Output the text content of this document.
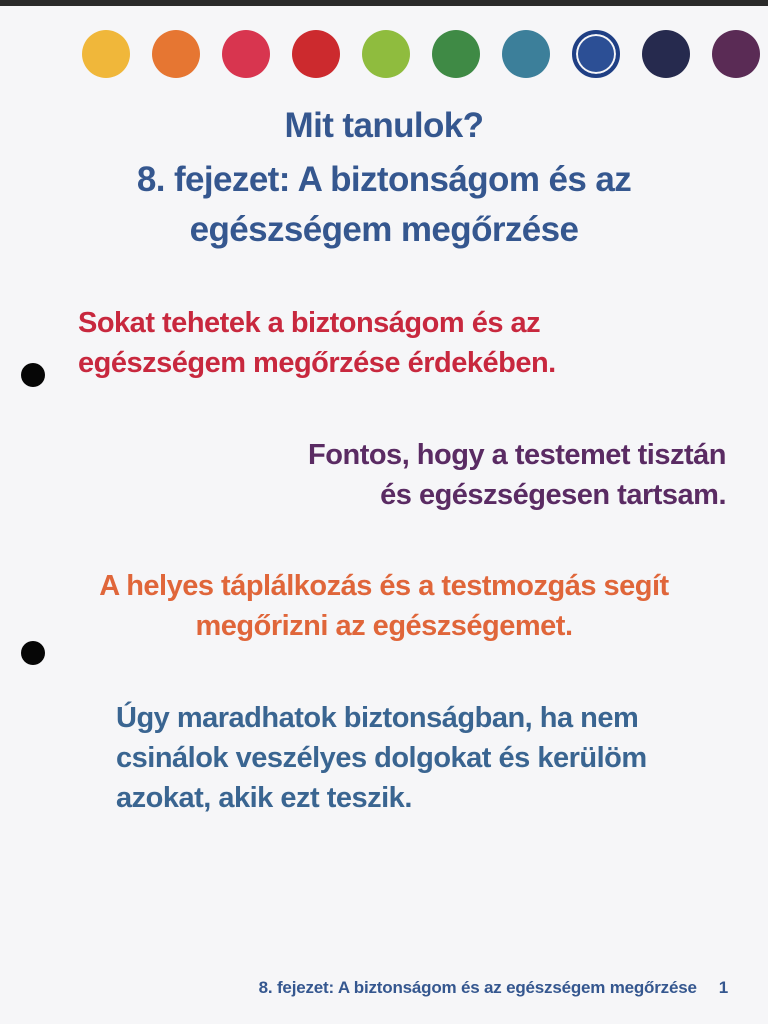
Mit tanulok?
8. fejezet: A biztonságom és az
egészségem megőrzése

Sokat tehetek a biztonságom és az
egészségem megőrzése érdekében.

Fontos, hogy a testemet tisztán
és egészségesen tartsam.

A helyes táplálkozás és a testmozgás segít
megőrizni az egészségemet.

Úgy maradhatok biztonságban, ha nem
csinálok veszélyes dolgokat és kerülöm
azokat, akik ezt teszik.

8. fejezet: A biztonságom és az egészségem megőrzése 1
